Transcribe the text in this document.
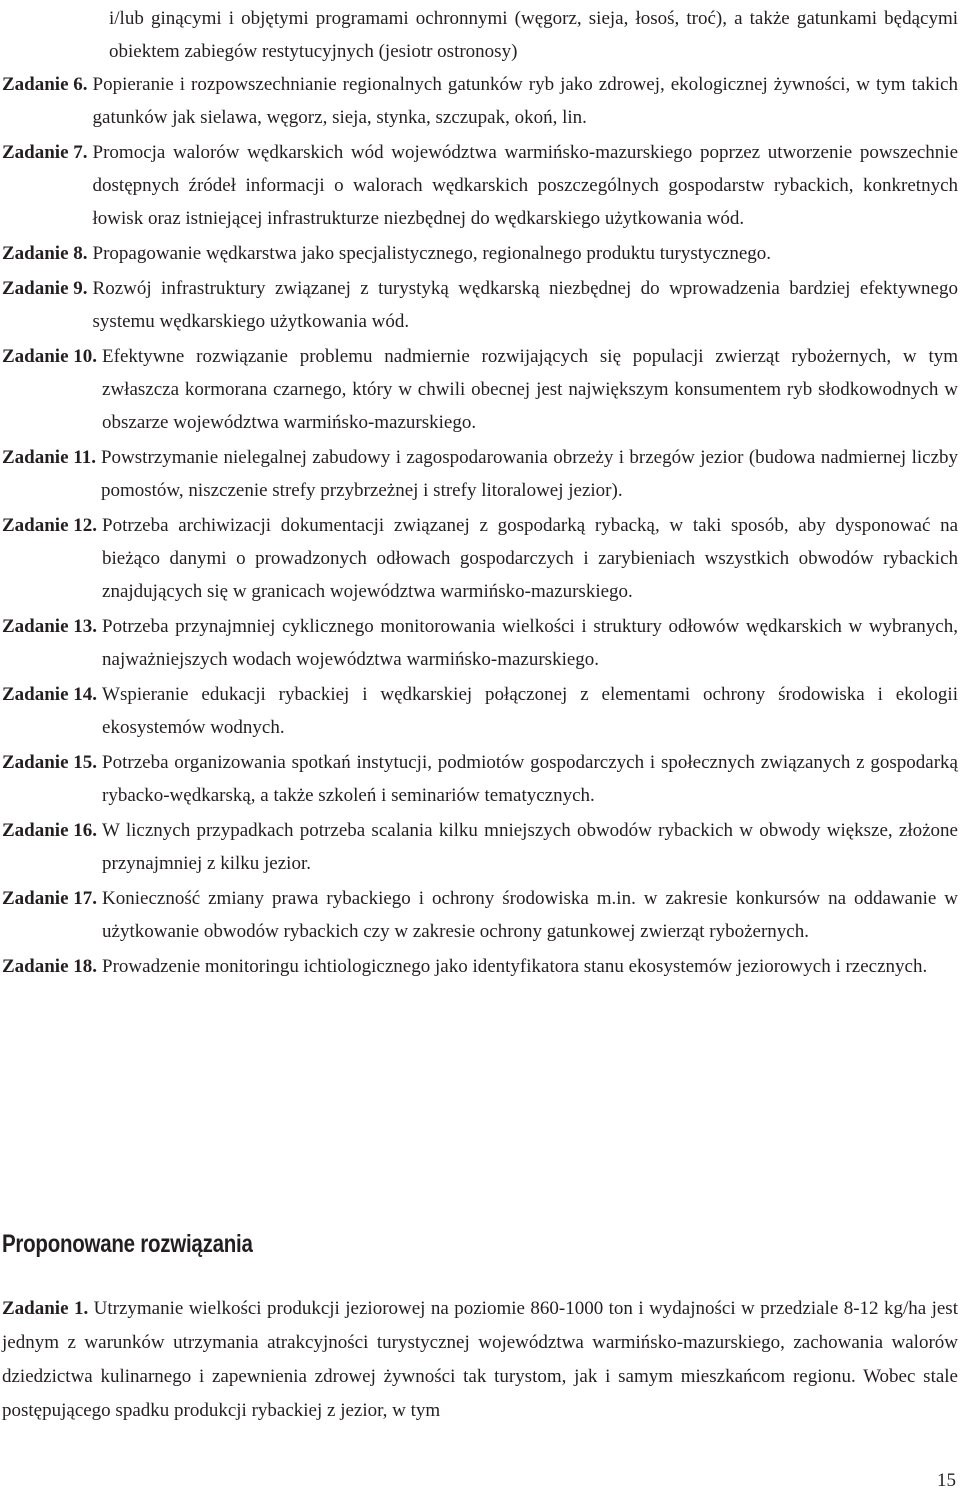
i/lub ginącymi i objętymi programami ochronnymi (węgorz, sieja, łosoś, troć), a także gatunkami będącymi obiektem zabiegów restytucyjnych (jesiotr ostronosy)
Zadanie 6. Popieranie i rozpowszechnianie regionalnych gatunków ryb jako zdrowej, ekologicznej żywności, w tym takich gatunków jak sielawa, węgorz, sieja, stynka, szczupak, okoń, lin.
Zadanie 7. Promocja walorów wędkarskich wód województwa warmińsko-mazurskiego poprzez utworzenie powszechnie dostępnych źródeł informacji o walorach wędkarskich poszczególnych gospodarstw rybackich, konkretnych łowisk oraz istniejącej infrastrukturze niezbędnej do wędkarskiego użytkowania wód.
Zadanie 8. Propagowanie wędkarstwa jako specjalistycznego, regionalnego produktu turystycznego.
Zadanie 9. Rozwój infrastruktury związanej z turystyką wędkarską niezbędnej do wprowadzenia bardziej efektywnego systemu wędkarskiego użytkowania wód.
Zadanie 10. Efektywne rozwiązanie problemu nadmiernie rozwijających się populacji zwierząt rybożernych, w tym zwłaszcza kormorana czarnego, który w chwili obecnej jest największym konsumentem ryb słodkowodnych w obszarze województwa warmińsko-mazurskiego.
Zadanie 11. Powstrzymanie nielegalnej zabudowy i zagospodarowania obrzeży i brzegów jezior (budowa nadmiernej liczby pomostów, niszczenie strefy przybrzeżnej i strefy litoralowej jezior).
Zadanie 12. Potrzeba archiwizacji dokumentacji związanej z gospodarką rybacką, w taki sposób, aby dysponować na bieżąco danymi o prowadzonych odłowach gospodarczych i zarybieniach wszystkich obwodów rybackich znajdujących się w granicach województwa warmińsko-mazurskiego.
Zadanie 13. Potrzeba przynajmniej cyklicznego monitorowania wielkości i struktury odłowów wędkarskich w wybranych, najważniejszych wodach województwa warmińsko-mazurskiego.
Zadanie 14. Wspieranie edukacji rybackiej i wędkarskiej połączonej z elementami ochrony środowiska i ekologii ekosystemów wodnych.
Zadanie 15. Potrzeba organizowania spotkań instytucji, podmiotów gospodarczych i społecznych związanych z gospodarką rybacko-wędkarską, a także szkoleń i seminariów tematycznych.
Zadanie 16. W licznych przypadkach potrzeba scalania kilku mniejszych obwodów rybackich w obwody większe, złożone przynajmniej z kilku jezior.
Zadanie 17. Konieczność zmiany prawa rybackiego i ochrony środowiska m.in. w zakresie konkursów na oddawanie w użytkowanie obwodów rybackich czy w zakresie ochrony gatunkowej zwierząt rybożernych.
Zadanie 18. Prowadzenie monitoringu ichtiologicznego jako identyfikatora stanu ekosystemów jeziorowych i rzecznych.
Proponowane rozwiązania
Zadanie 1. Utrzymanie wielkości produkcji jeziorowej na poziomie 860-1000 ton i wydajności w przedziale 8-12 kg/ha jest jednym z warunków utrzymania atrakcyjności turystycznej województwa warmińsko-mazurskiego, zachowania walorów dziedzictwa kulinarnego i zapewnienia zdrowej żywności tak turystom, jak i samym mieszkańcom regionu. Wobec stale postępującego spadku produkcji rybackiej z jezior, w tym
15
